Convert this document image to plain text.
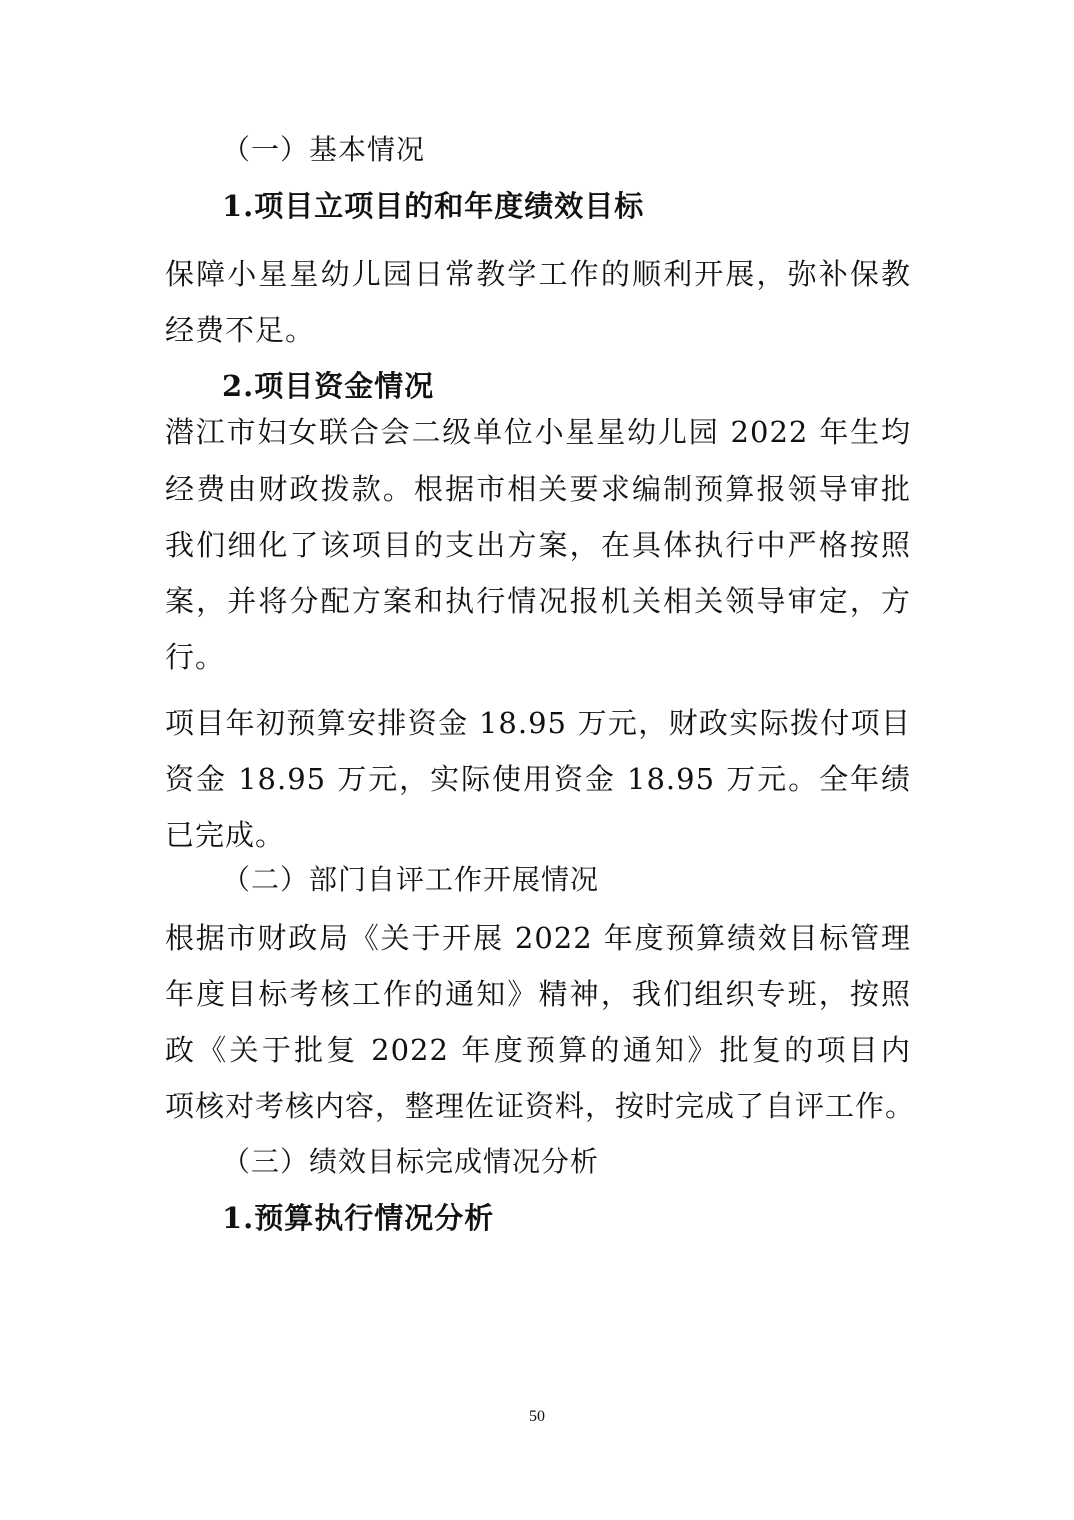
（一）基本情况
1.项目立项目的和年度绩效目标
保障小星星幼儿园日常教学工作的顺利开展，弥补保教
经费不足。
2.项目资金情况
潜江市妇女联合会二级单位小星星幼儿园 2022 年生均
经费由财政拨款。根据市相关要求编制预算报领导审批
我们细化了该项目的支出方案，在具体执行中严格按照
案，并将分配方案和执行情况报机关相关领导审定，方
行。
项目年初预算安排资金 18.95 万元，财政实际拨付项目
资金 18.95 万元，实际使用资金 18.95 万元。全年绩
已完成。
（二）部门自评工作开展情况
根据市财政局《关于开展 2022 年度预算绩效目标管理
年度目标考核工作的通知》精神，我们组织专班，按照
政《关于批复 2022 年度预算的通知》批复的项目内
项核对考核内容，整理佐证资料，按时完成了自评工作。
（三）绩效目标完成情况分析
1.预算执行情况分析
50
